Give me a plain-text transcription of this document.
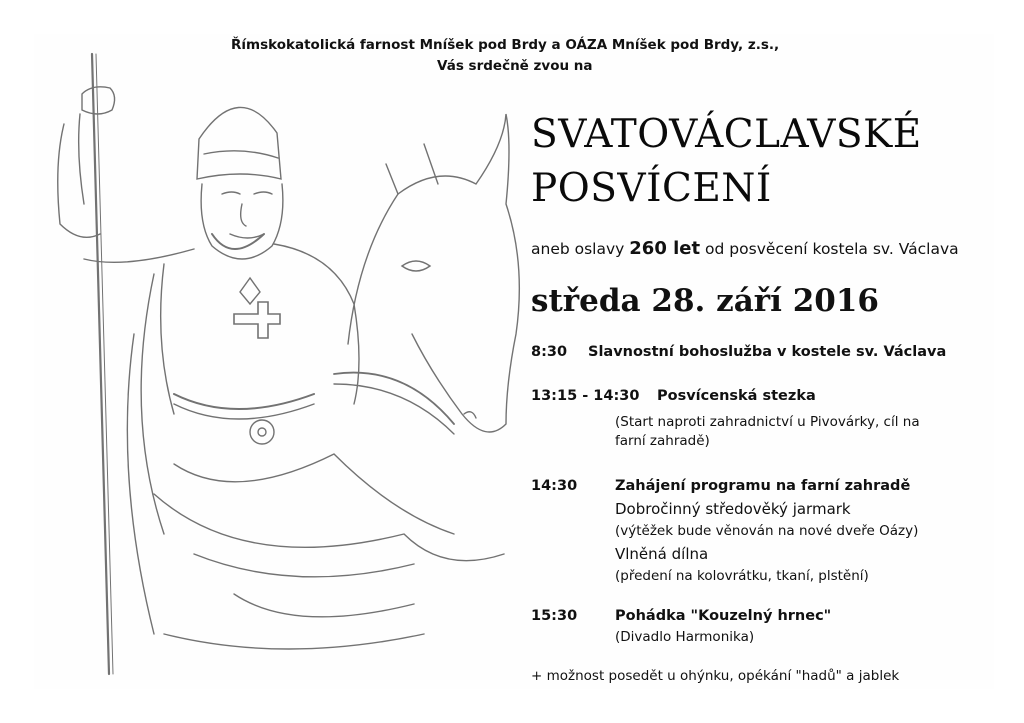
Římskokatolická farnost Mníšek pod Brdy a OÁZA Mníšek pod Brdy, z.s.,
Vás srdečně zvou na
SVATOVÁCLAVSKÉ
POSVÍCENÍ
aneb oslavy 260 let od posvěcení kostela sv. Václava
středa 28. září 2016
8:30 Slavnostní bohoslužba v kostele sv. Václava
13:15 - 14:30 Posvícenská stezka
(Start naproti zahradnictví u Pivovárky, cíl na
farní zahradě)
14:30	Zahájení programu na farní zahradě
Dobročinný středověký jarmark
(výtěžek bude věnován na nové dveře Oázy)
Vlněná dílna
(předení na kolovrátku, tkaní, plstění)
15:30	Pohádka "Kouzelný hrnec"
(Divadlo Harmonika)
+ možnost posedět u ohýnku, opékání "hadů" a jablek
